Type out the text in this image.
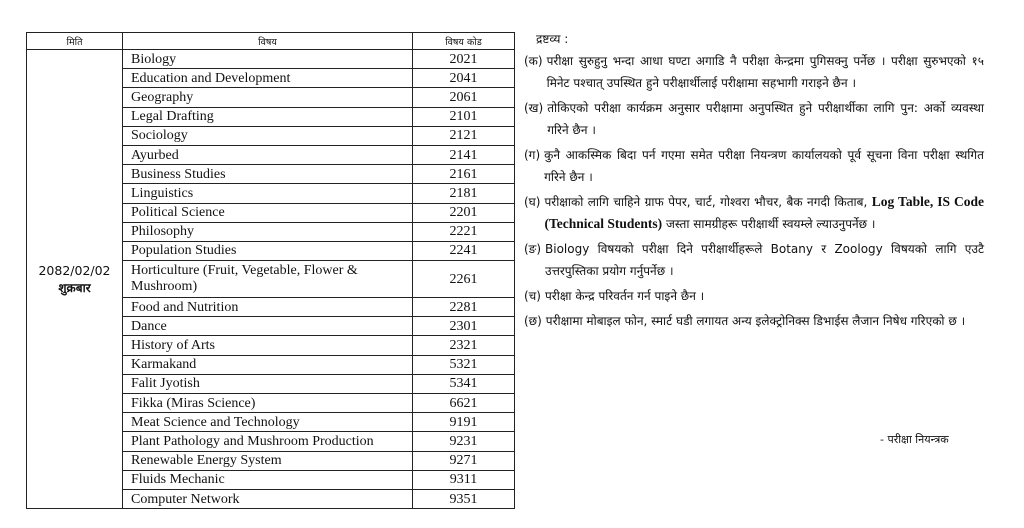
मिति	विषय	विषय कोड

2082/02/02
शुक्रबार	Biology	2021
	Education and Development	2041
	Geography	2061
	Legal Drafting	2101
	Sociology	2121
	Ayurbed	2141
	Business Studies	2161
	Linguistics	2181
	Political Science	2201
	Philosophy	2221
	Population Studies	2241
	Horticulture (Fruit, Vegetable, Flower & Mushroom)	2261
	Food and Nutrition	2281
	Dance	2301
	History of Arts	2321
	Karmakand	5321
	Falit Jyotish	5341
	Fikka (Miras Science)	6621
	Meat Science and Technology	9191
	Plant Pathology and Mushroom Production	9231
	Renewable Energy System	9271
	Fluids Mechanic	9311
	Computer Network	9351
द्रष्टव्य :
(क) परीक्षा सुरुहुनु भन्दा आधा घण्टा अगाडि नै परीक्षा केन्द्रमा पुगिसक्नु पर्नेछ । परीक्षा सुरुभएको १५ मिनेट पश्चात् उपस्थित हुने परीक्षार्थीलाई परीक्षामा सहभागी गराइने छैन ।
(ख) तोकिएको परीक्षा कार्यक्रम अनुसार परीक्षामा अनुपस्थित हुने परीक्षार्थीका लागि पुन: अर्को व्यवस्था गरिने छैन ।
(ग) कुनै आकस्मिक बिदा पर्न गएमा समेत परीक्षा नियन्त्रण कार्यालयको पूर्व सूचना विना परीक्षा स्थगित गरिने छैन ।
(घ) परीक्षाको लागि चाहिने ग्राफ पेपर, चार्ट, गोश्वरा भौचर, बैक नगदी किताब, Log Table, IS Code (Technical Students) जस्ता सामग्रीहरू परीक्षार्थी स्वयम्ले ल्याउनुपर्नेछ ।
(ङ) Biology विषयको परीक्षा दिने परीक्षार्थीहरूले Botany र Zoology विषयको लागि एउटै उत्तरपुस्तिका प्रयोग गर्नुपर्नेछ ।
(च) परीक्षा केन्द्र परिवर्तन गर्न पाइने छैन ।
(छ) परीक्षामा मोबाइल फोन, स्मार्ट घडी लगायत अन्य इलेक्ट्रोनिक्स डिभाईस लैजान निषेध गरिएको छ ।
- परीक्षा नियन्त्रक
